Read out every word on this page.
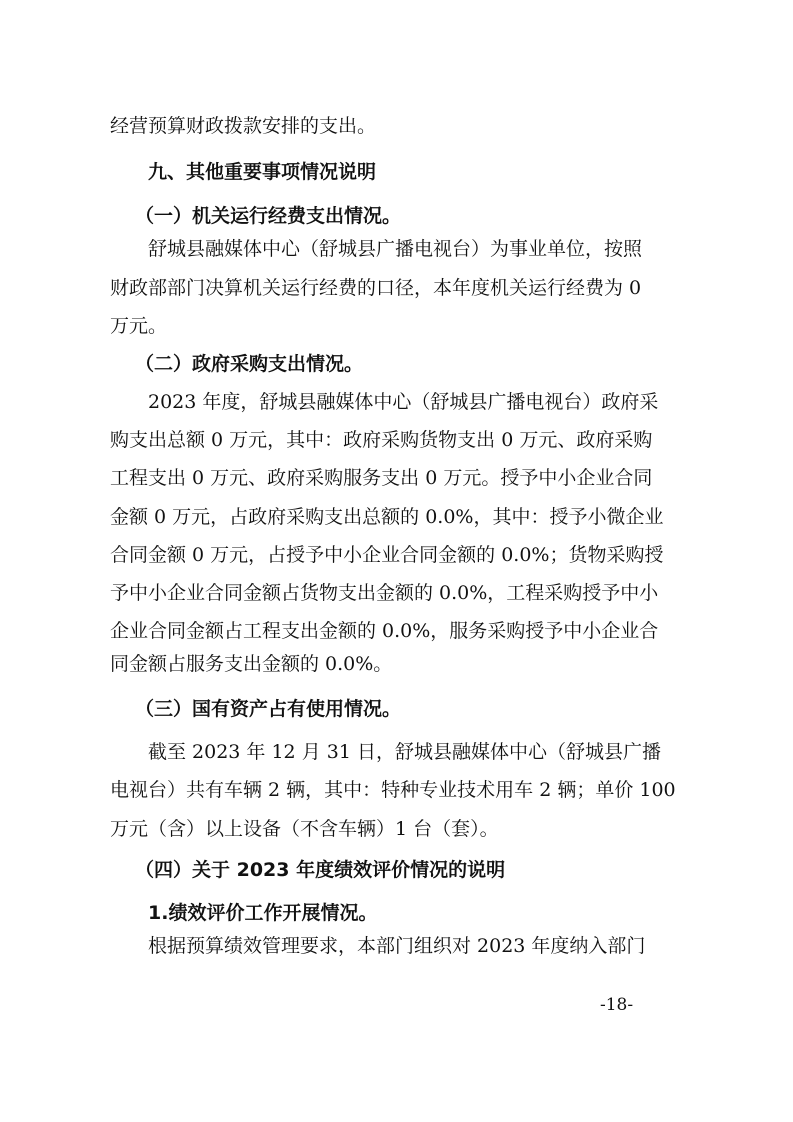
经营预算财政拨款安排的支出。
九、其他重要事项情况说明
（一）机关运行经费支出情况。
舒城县融媒体中心（舒城县广播电视台）为事业单位，按照
财政部部门决算机关运行经费的口径，本年度机关运行经费为 0
万元。
（二）政府采购支出情况。
2023 年度，舒城县融媒体中心（舒城县广播电视台）政府采
购支出总额 0 万元，其中：政府采购货物支出 0 万元、政府采购
工程支出 0 万元、政府采购服务支出 0 万元。授予中小企业合同
金额 0 万元，占政府采购支出总额的 0.0%，其中：授予小微企业
合同金额 0 万元，占授予中小企业合同金额的 0.0%；货物采购授
予中小企业合同金额占货物支出金额的 0.0%，工程采购授予中小
企业合同金额占工程支出金额的 0.0%，服务采购授予中小企业合
同金额占服务支出金额的 0.0%。
（三）国有资产占有使用情况。
截至 2023 年 12 月 31 日，舒城县融媒体中心（舒城县广播
电视台）共有车辆 2 辆，其中：特种专业技术用车 2 辆；单价 100
万元（含）以上设备（不含车辆）1 台（套）。
（四）关于 2023 年度绩效评价情况的说明
1.绩效评价工作开展情况。
根据预算绩效管理要求，本部门组织对 2023 年度纳入部门
-18-
